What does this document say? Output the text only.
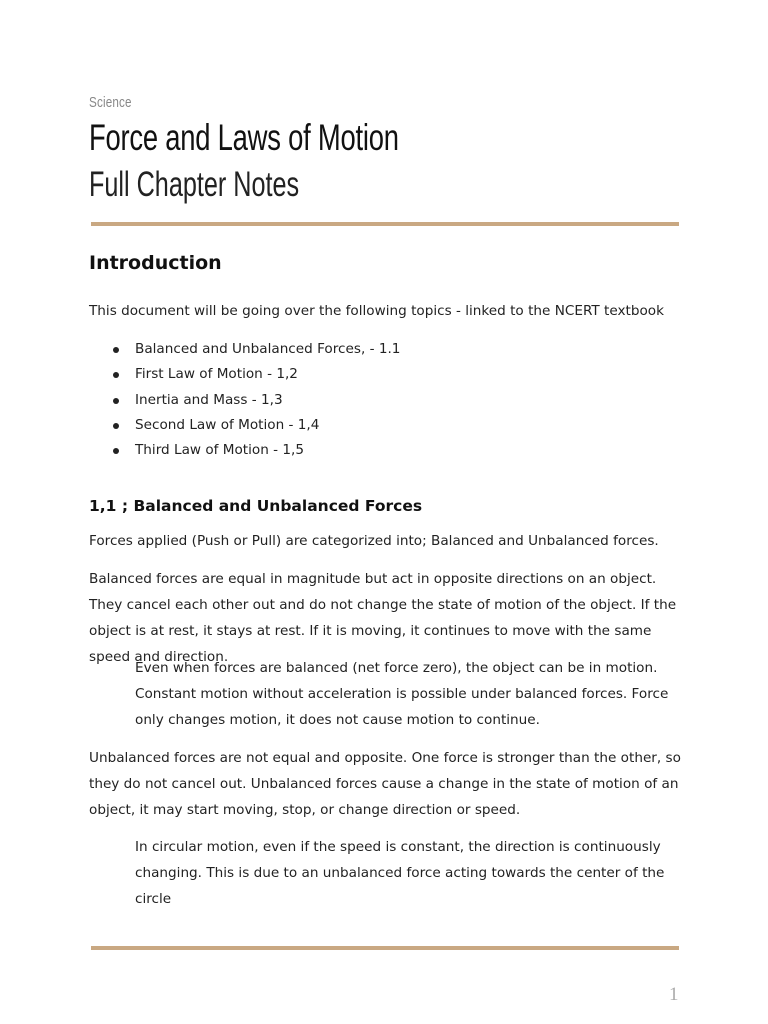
Science
Force and Laws of Motion
Full Chapter Notes
Introduction
This document will be going over the following topics - linked to the NCERT textbook
Balanced and Unbalanced Forces, - 1.1
First Law of Motion - 1,2
Inertia and Mass - 1,3
Second Law of Motion - 1,4
Third Law of Motion - 1,5
1,1 ; Balanced and Unbalanced Forces
Forces applied (Push or Pull) are categorized into; Balanced and Unbalanced forces.
Balanced forces are equal in magnitude but act in opposite directions on an object. They cancel each other out and do not change the state of motion of the object. If the object is at rest, it stays at rest. If it is moving, it continues to move with the same speed and direction.
Even when forces are balanced (net force zero), the object can be in motion. Constant motion without acceleration is possible under balanced forces. Force only changes motion, it does not cause motion to continue.
Unbalanced forces are not equal and opposite. One force is stronger than the other, so they do not cancel out. Unbalanced forces cause a change in the state of motion of an object, it may start moving, stop, or change direction or speed.
In circular motion, even if the speed is constant, the direction is continuously changing. This is due to an unbalanced force acting towards the center of the circle
1
